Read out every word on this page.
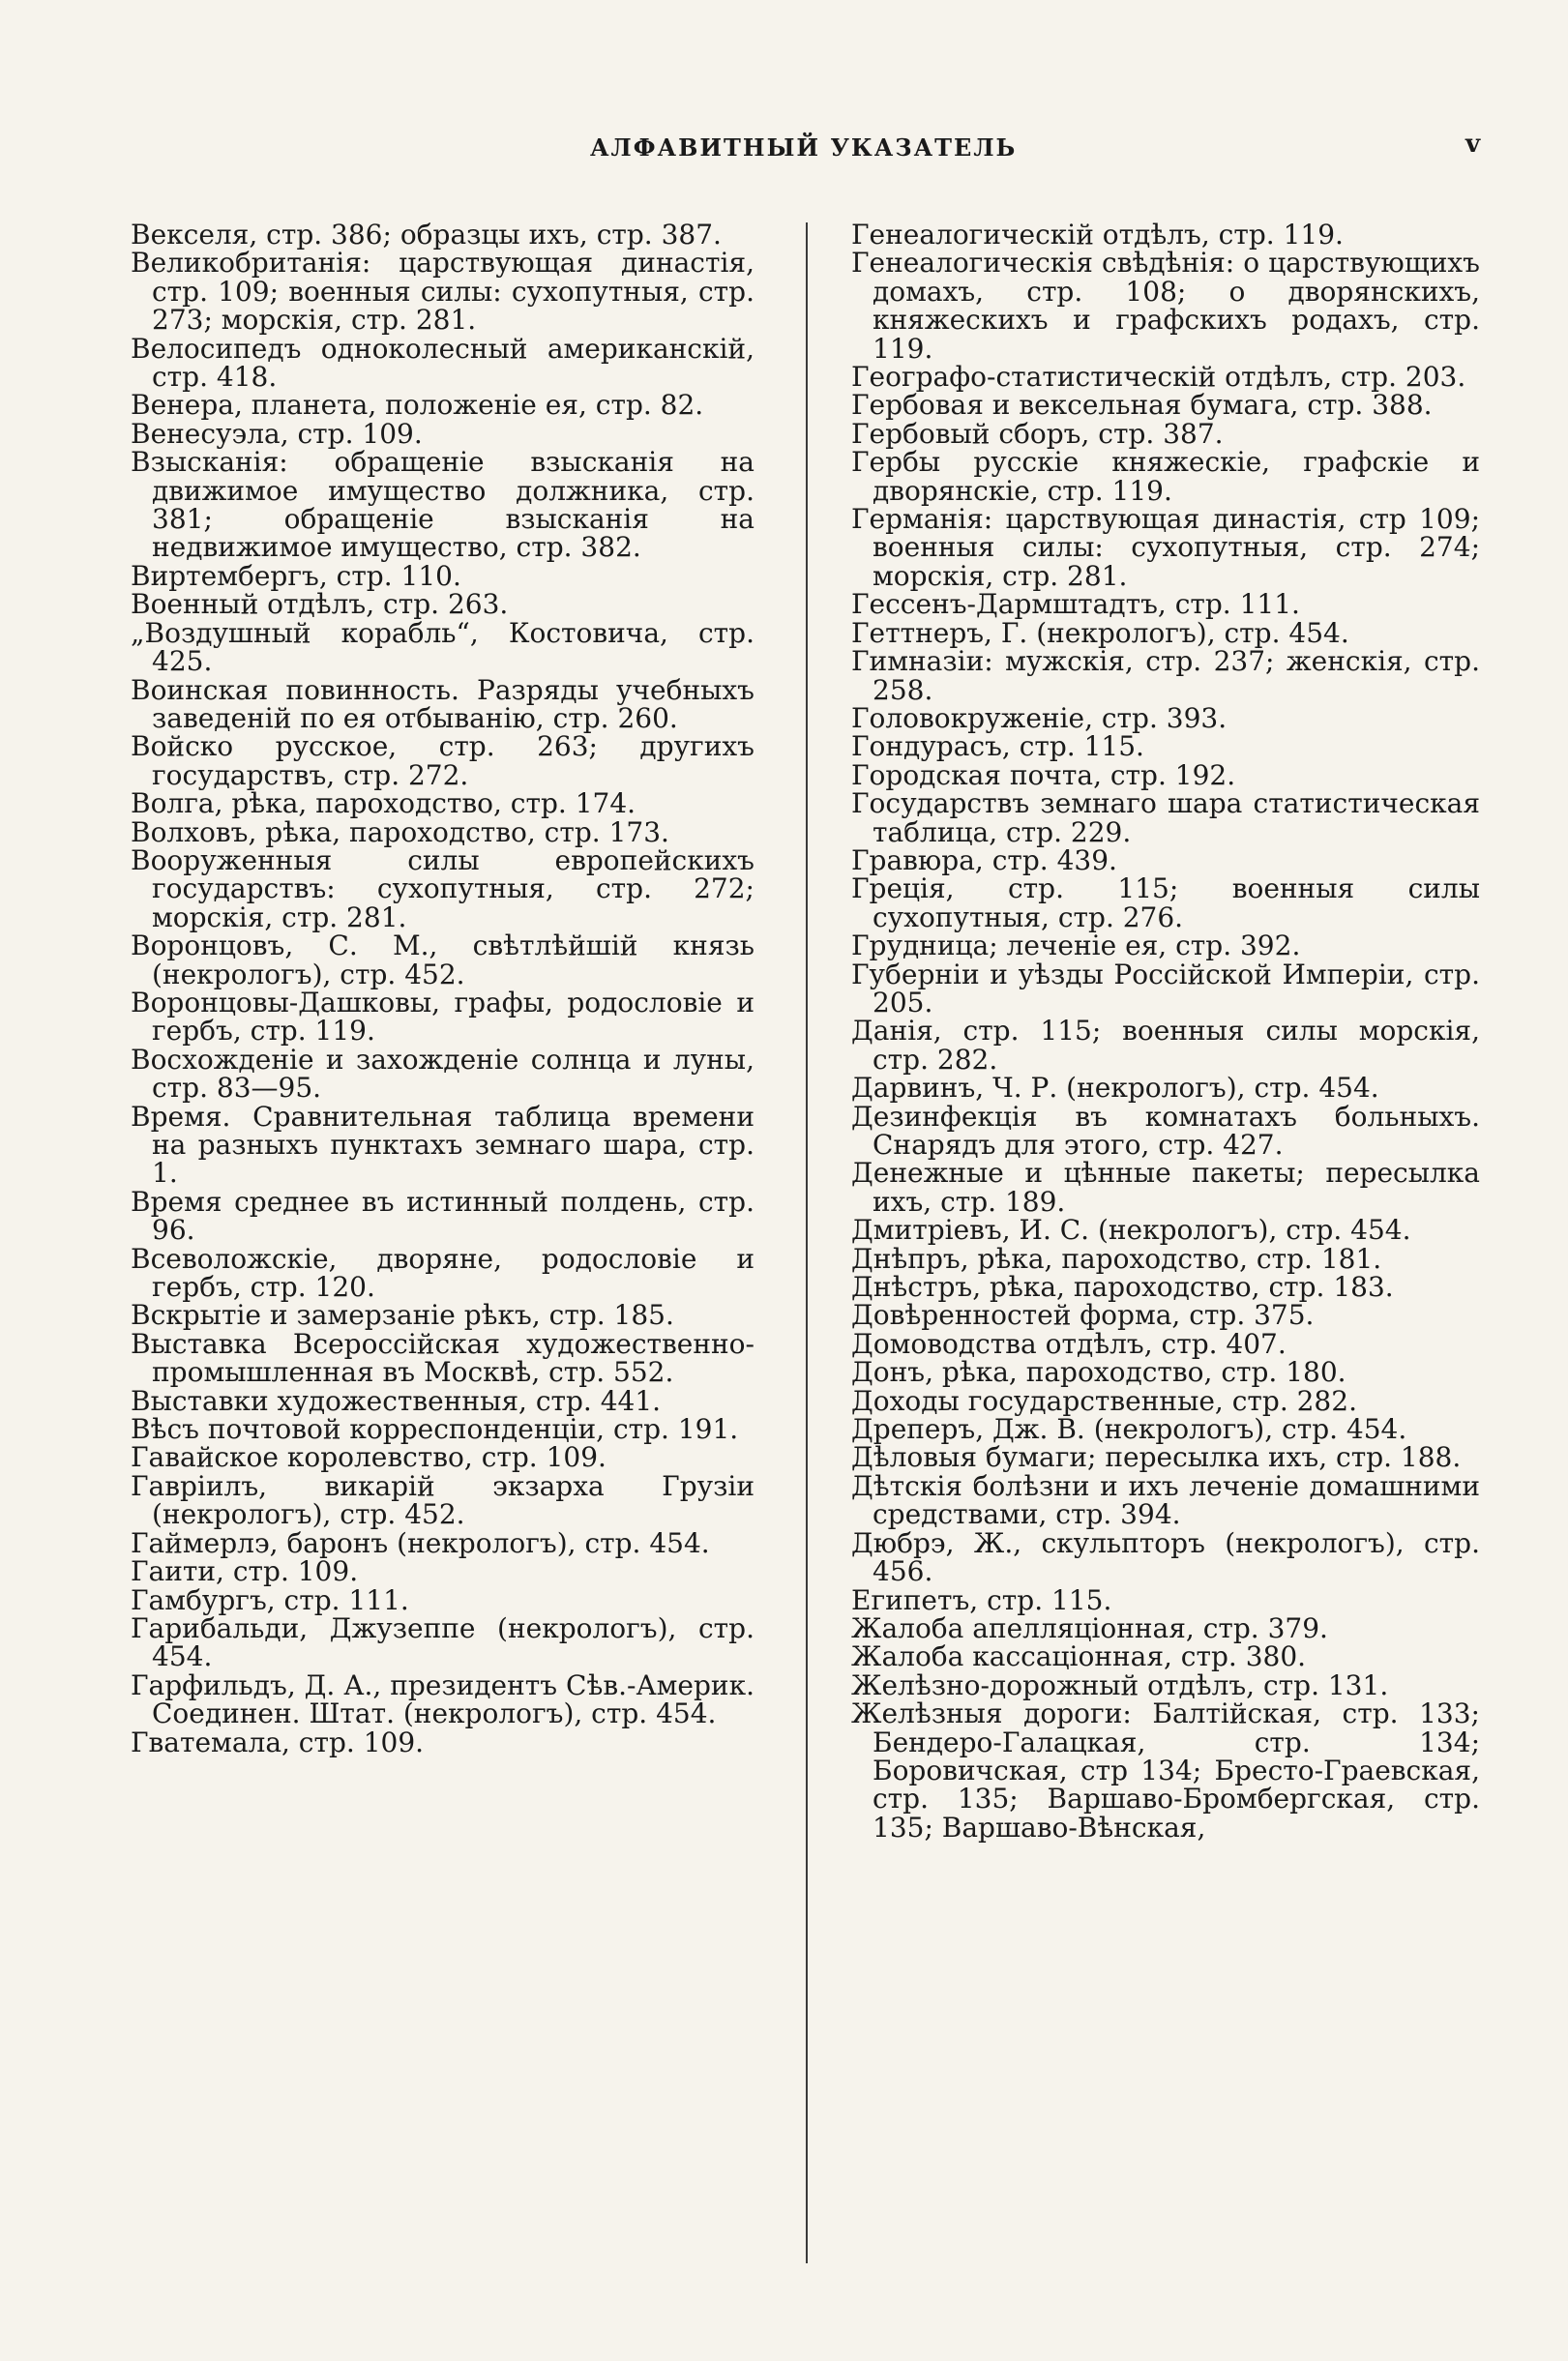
АЛФАВИТНЫЙ УКАЗАТЕЛЬ	v

Векселя, стр. 386; образцы ихъ, стр. 387.

Великобританія: царствующая династія, стр. 109; военныя силы: сухопутныя, стр. 273; морскія, стр. 281.

Велосипедъ одноколесный американскій, стр. 418.

Венера, планета, положеніе ея, стр. 82.

Венесуэла, стр. 109.

Взысканія: обращеніе взысканія на движимое имущество должника, стр. 381; обращеніе взысканія на недвижимое имущество, стр. 382.

Виртембергъ, стр. 110.

Военный отдѣлъ, стр. 263.

„Воздушный корабль“, Костовича, стр. 425.

Воинская повинность. Разряды учебныхъ заведеній по ея отбыванію, стр. 260.

Войско русское, стр. 263; другихъ государствъ, стр. 272.

Волга, рѣка, пароходство, стр. 174.

Волховъ, рѣка, пароходство, стр. 173.

Вооруженныя силы европейскихъ государствъ: сухопутныя, стр. 272; морскія, стр. 281.

Воронцовъ, С. М., свѣтлѣйшій князь (некрологъ), стр. 452.

Воронцовы-Дашковы, графы, родословіе и гербъ, стр. 119.

Восхожденіе и захожденіе солнца и луны, стр. 83—95.

Время. Сравнительная таблица времени на разныхъ пунктахъ земнаго шара, стр. 1.

Время среднее въ истинный полдень, стр. 96.

Всеволожскіе, дворяне, родословіе и гербъ, стр. 120.

Вскрытіе и замерзаніе рѣкъ, стр. 185.

Выставка Всероссійская художественно-промышленная въ Москвѣ, стр. 552.

Выставки художественныя, стр. 441.

Вѣсъ почтовой корреспонденціи, стр. 191.

Гавайское королевство, стр. 109.

Гавріилъ, викарій экзарха Грузіи (некрологъ), стр. 452.

Гаймерлэ, баронъ (некрологъ), стр. 454.

Гаити, стр. 109.

Гамбургъ, стр. 111.

Гарибальди, Джузеппе (некрологъ), стр. 454.

Гарфильдъ, Д. А., президентъ Сѣв.-Америк. Соединен. Штат. (некрологъ), стр. 454.

Гватемала, стр. 109.

Генеалогическій отдѣлъ, стр. 119.

Генеалогическія свѣдѣнія: о царствующихъ домахъ, стр. 108; о дворянскихъ, княжескихъ и графскихъ родахъ, стр. 119.

Географо-статистическій отдѣлъ, стр. 203.

Гербовая и вексельная бумага, стр. 388.

Гербовый сборъ, стр. 387.

Гербы русскіе княжескіе, графскіе и дворянскіе, стр. 119.

Германія: царствующая династія, стр 109; военныя силы: сухопутныя, стр. 274; морскія, стр. 281.

Гессенъ-Дармштадтъ, стр. 111.

Геттнеръ, Г. (некрологъ), стр. 454.

Гимназіи: мужскія, стр. 237; женскія, стр. 258.

Головокруженіе, стр. 393.

Гондурасъ, стр. 115.

Городская почта, стр. 192.

Государствъ земнаго шара статистическая таблица, стр. 229.

Гравюра, стр. 439.

Греція, стр. 115; военныя силы сухопутныя, стр. 276.

Грудница; леченіе ея, стр. 392.

Губерніи и уѣзды Россійской Имперіи, стр. 205.

Данія, стр. 115; военныя силы морскія, стр. 282.

Дарвинъ, Ч. Р. (некрологъ), стр. 454.

Дезинфекція въ комнатахъ больныхъ. Снарядъ для этого, стр. 427.

Денежные и цѣнные пакеты; пересылка ихъ, стр. 189.

Дмитріевъ, И. С. (некрологъ), стр. 454.

Днѣпръ, рѣка, пароходство, стр. 181.

Днѣстръ, рѣка, пароходство, стр. 183.

Довѣренностей форма, стр. 375.

Домоводства отдѣлъ, стр. 407.

Донъ, рѣка, пароходство, стр. 180.

Доходы государственные, стр. 282.

Дреперъ, Дж. В. (некрологъ), стр. 454.

Дѣловыя бумаги; пересылка ихъ, стр. 188.

Дѣтскія болѣзни и ихъ леченіе домашними средствами, стр. 394.

Дюбрэ, Ж., скульпторъ (некрологъ), стр. 456.

Египетъ, стр. 115.

Жалоба апелляціонная, стр. 379.

Жалоба кассаціонная, стр. 380.

Желѣзно-дорожный отдѣлъ, стр. 131.

Желѣзныя дороги: Балтійская, стр. 133; Бендеро-Галацкая, стр. 134; Боровичская, стр 134; Бресто-Граевская, стр. 135; Варшаво-Бромбергская, стр. 135; Варшаво-Вѣнская,
